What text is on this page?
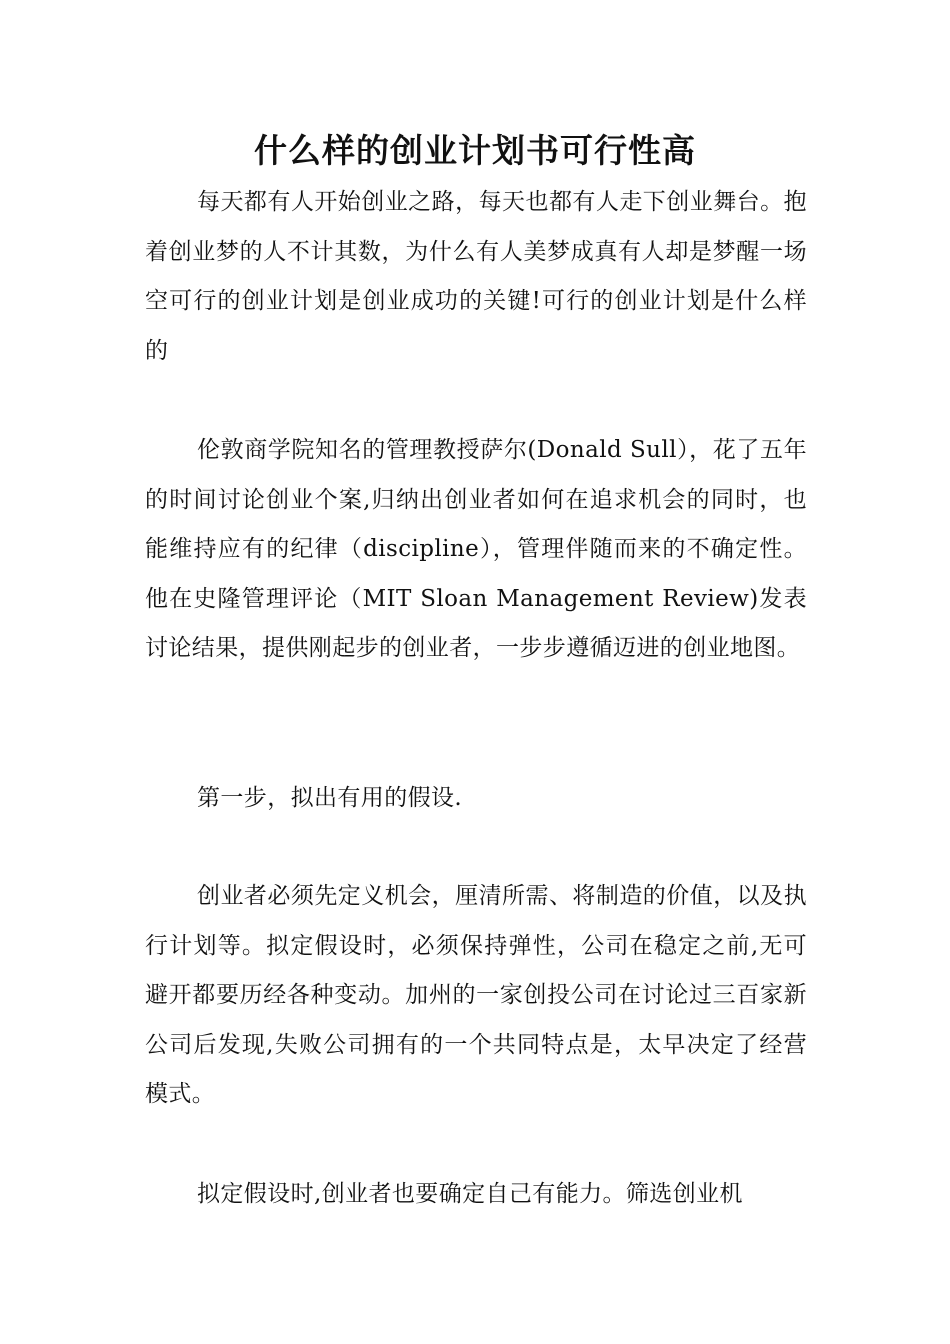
什么样的创业计划书可行性高

每天都有人开始创业之路，每天也都有人走下创业舞台。抱着创业梦的人不计其数，为什么有人美梦成真有人却是梦醒一场空可行的创业计划是创业成功的关键!可行的创业计划是什么样的

伦敦商学院知名的管理教授萨尔(Donald Sull），花了五年的时间讨论创业个案,归纳出创业者如何在追求机会的同时，也能维持应有的纪律（discipline），管理伴随而来的不确定性。他在史隆管理评论（MIT Sloan Management Review)发表讨论结果，提供刚起步的创业者，一步步遵循迈进的创业地图。

第一步，拟出有用的假设.

创业者必须先定义机会，厘清所需、将制造的价值，以及执行计划等。拟定假设时，必须保持弹性，公司在稳定之前,无可避开都要历经各种变动。加州的一家创投公司在讨论过三百家新公司后发现,失败公司拥有的一个共同特点是，太早决定了经营模式。

拟定假设时,创业者也要确定自己有能力。筛选创业机
